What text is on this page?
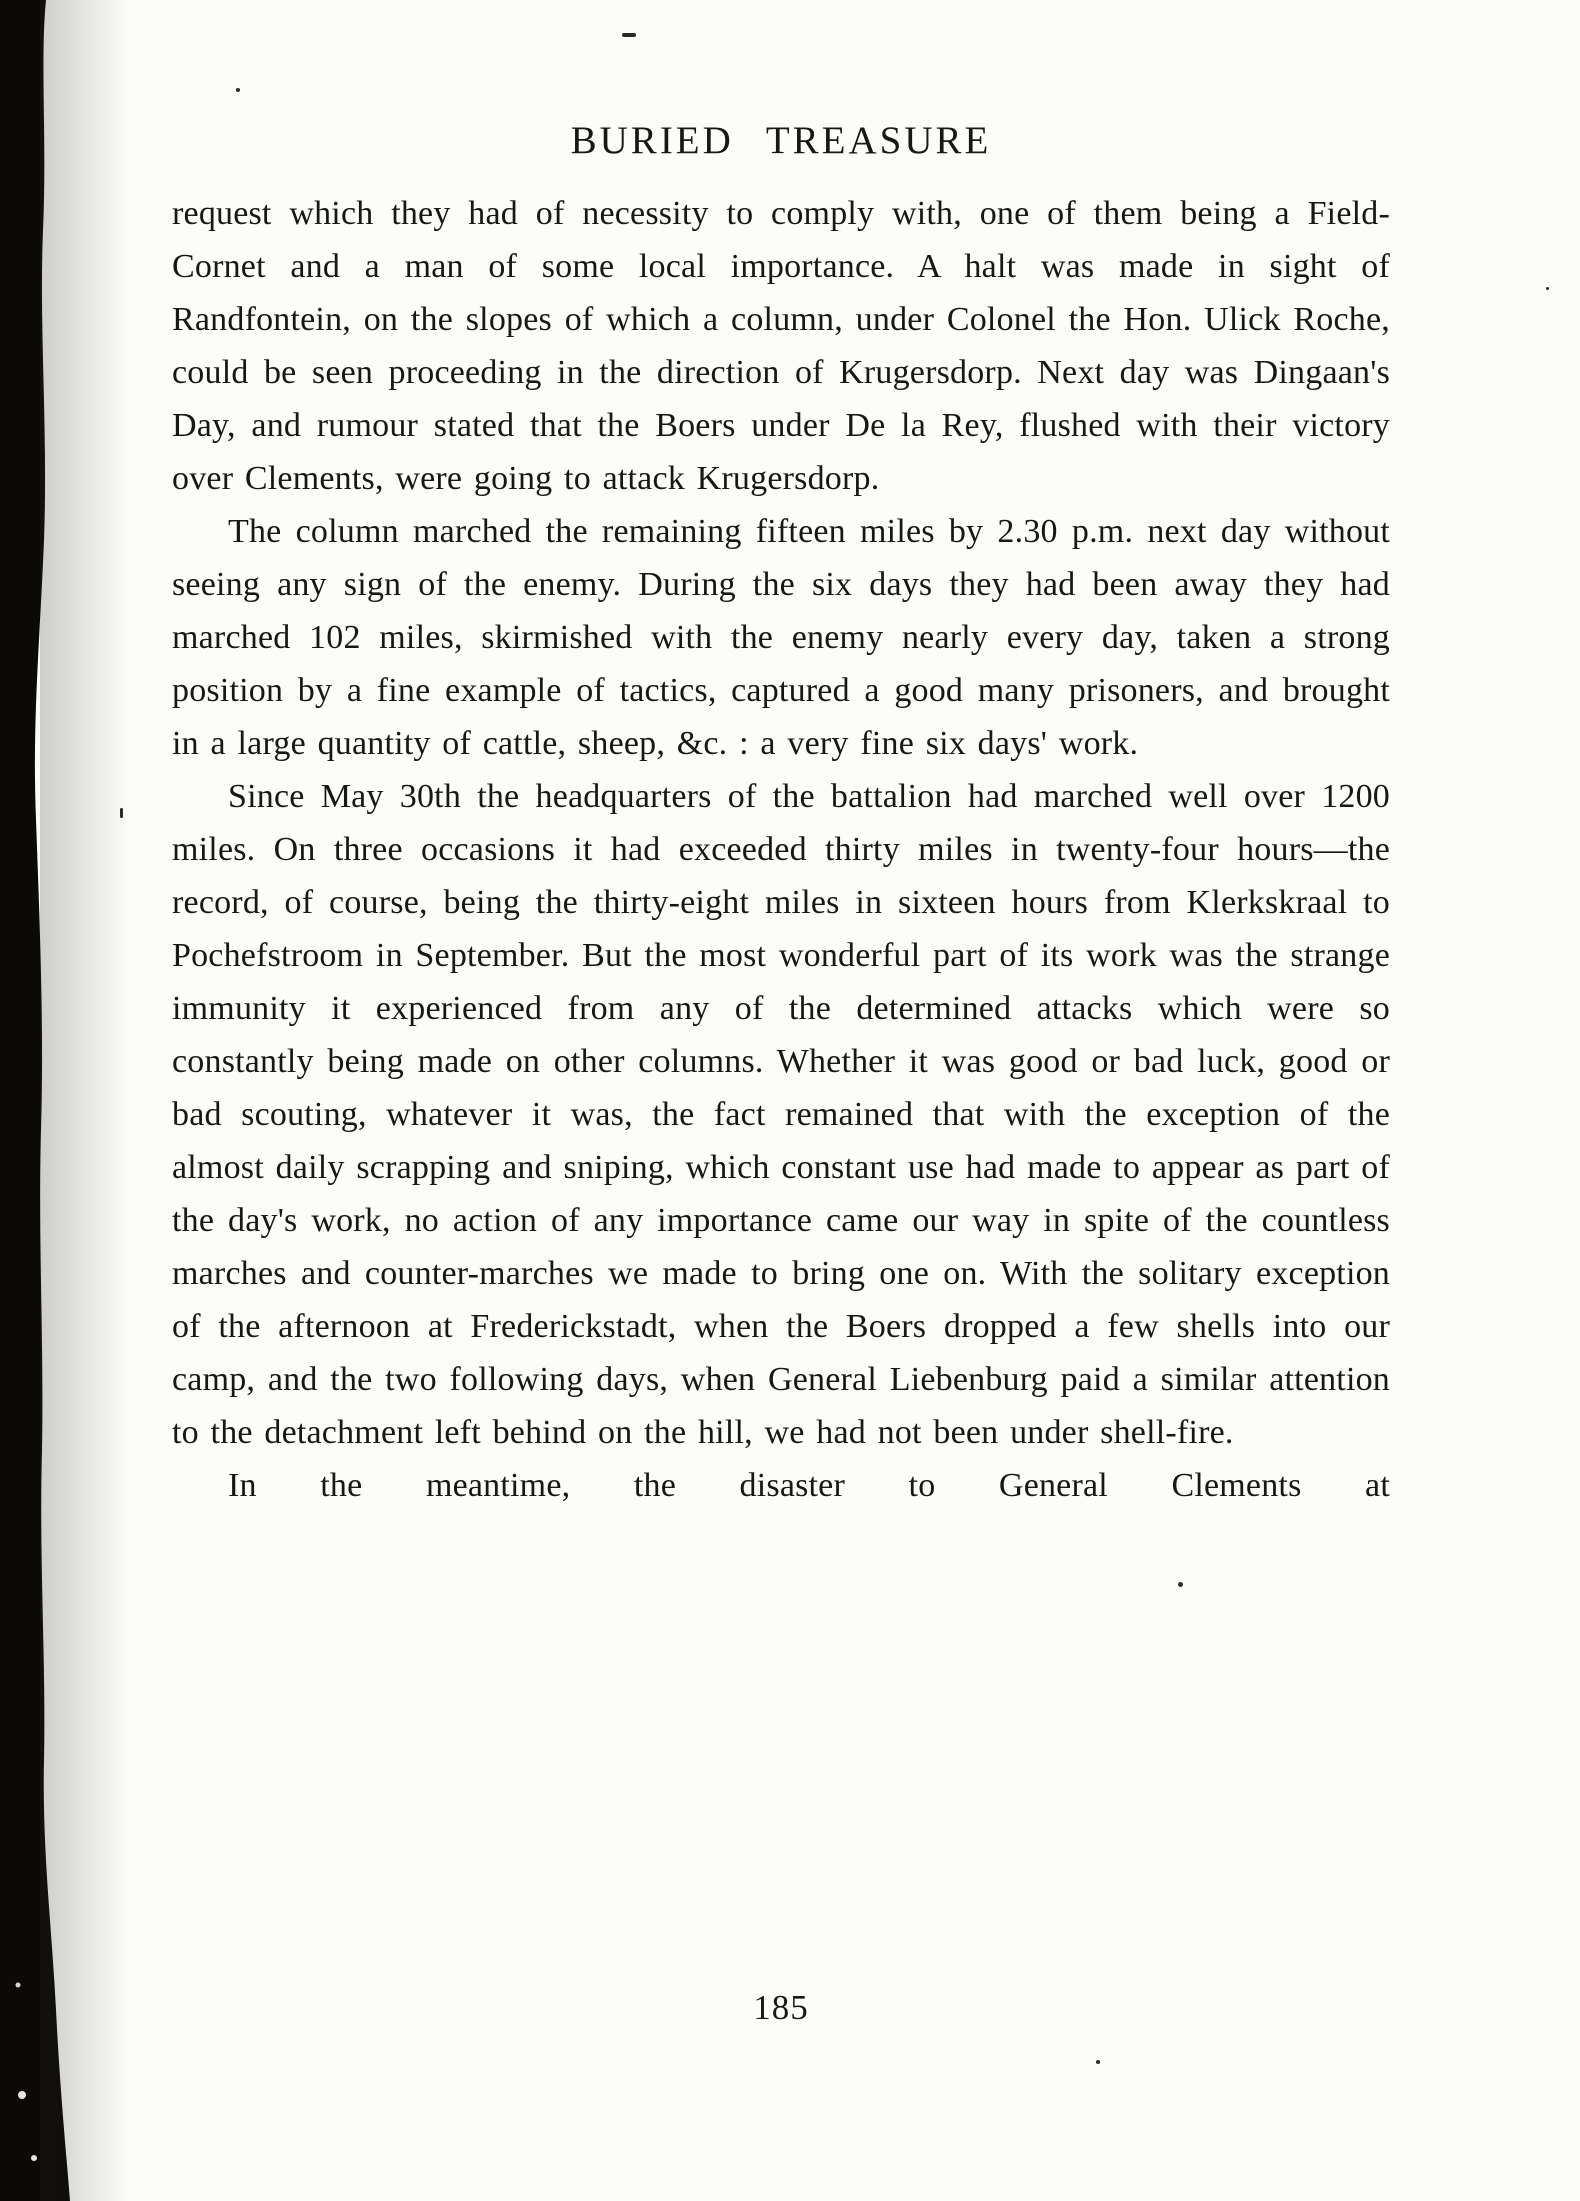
BURIED TREASURE

request which they had of necessity to comply with, one of them being a Field-Cornet and a man of some local importance. A halt was made in sight of Randfontein, on the slopes of which a column, under Colonel the Hon. Ulick Roche, could be seen proceeding in the direction of Krugersdorp. Next day was Dingaan's Day, and rumour stated that the Boers under De la Rey, flushed with their victory over Clements, were going to attack Krugersdorp.

The column marched the remaining fifteen miles by 2.30 p.m. next day without seeing any sign of the enemy. During the six days they had been away they had marched 102 miles, skirmished with the enemy nearly every day, taken a strong position by a fine example of tactics, captured a good many prisoners, and brought in a large quantity of cattle, sheep, &c. : a very fine six days' work.

Since May 30th the headquarters of the battalion had marched well over 1200 miles. On three occasions it had exceeded thirty miles in twenty-four hours—the record, of course, being the thirty-eight miles in sixteen hours from Klerkskraal to Pochefstroom in September. But the most wonderful part of its work was the strange immunity it experienced from any of the determined attacks which were so constantly being made on other columns. Whether it was good or bad luck, good or bad scouting, whatever it was, the fact remained that with the exception of the almost daily scrapping and sniping, which constant use had made to appear as part of the day's work, no action of any importance came our way in spite of the countless marches and counter-marches we made to bring one on. With the solitary exception of the afternoon at Frederickstadt, when the Boers dropped a few shells into our camp, and the two following days, when General Liebenburg paid a similar attention to the detachment left behind on the hill, we had not been under shell-fire.

In the meantime, the disaster to General Clements at

185
